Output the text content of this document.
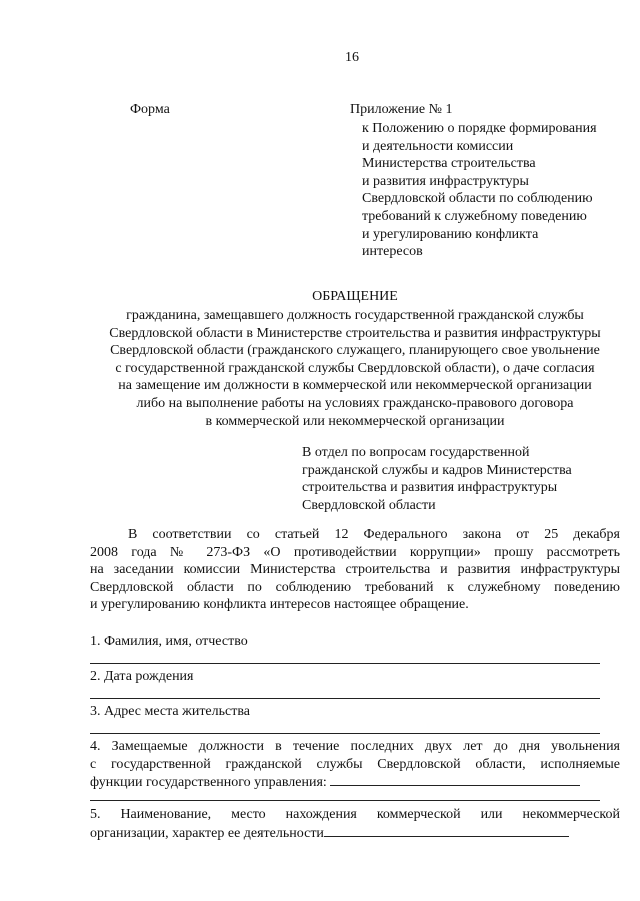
16
Форма	Приложение № 1
к Положению о порядке формирования
и деятельности комиссии
Министерства строительства
и развития инфраструктуры
Свердловской области по соблюдению
требований к служебному поведению
и урегулированию конфликта
интересов
ОБРАЩЕНИЕ
гражданина, замещавшего должность государственной гражданской службы
Свердловской области в Министерстве строительства и развития инфраструктуры
Свердловской области (гражданского служащего, планирующего свое увольнение
с государственной гражданской службы Свердловской области), о даче согласия
на замещение им должности в коммерческой или некоммерческой организации
либо на выполнение работы на условиях гражданско-правового договора
в коммерческой или некоммерческой организации
В отдел по вопросам государственной
гражданской службы и кадров Министерства
строительства и развития инфраструктуры
Свердловской области
В соответствии со статьей 12 Федерального закона от 25 декабря
2008 года № 273-ФЗ «О противодействии коррупции» прошу рассмотреть
на заседании комиссии Министерства строительства и развития инфраструктуры
Свердловской области по соблюдению требований к служебному поведению
и урегулированию конфликта интересов настоящее обращение.
1. Фамилия, имя, отчество
2. Дата рождения
3. Адрес места жительства
4. Замещаемые должности в течение последних двух лет до дня увольнения
с государственной гражданской службы Свердловской области, исполняемые
функции государственного управления:
5. Наименование, место нахождения коммерческой или некоммерческой
организации, характер ее деятельности
